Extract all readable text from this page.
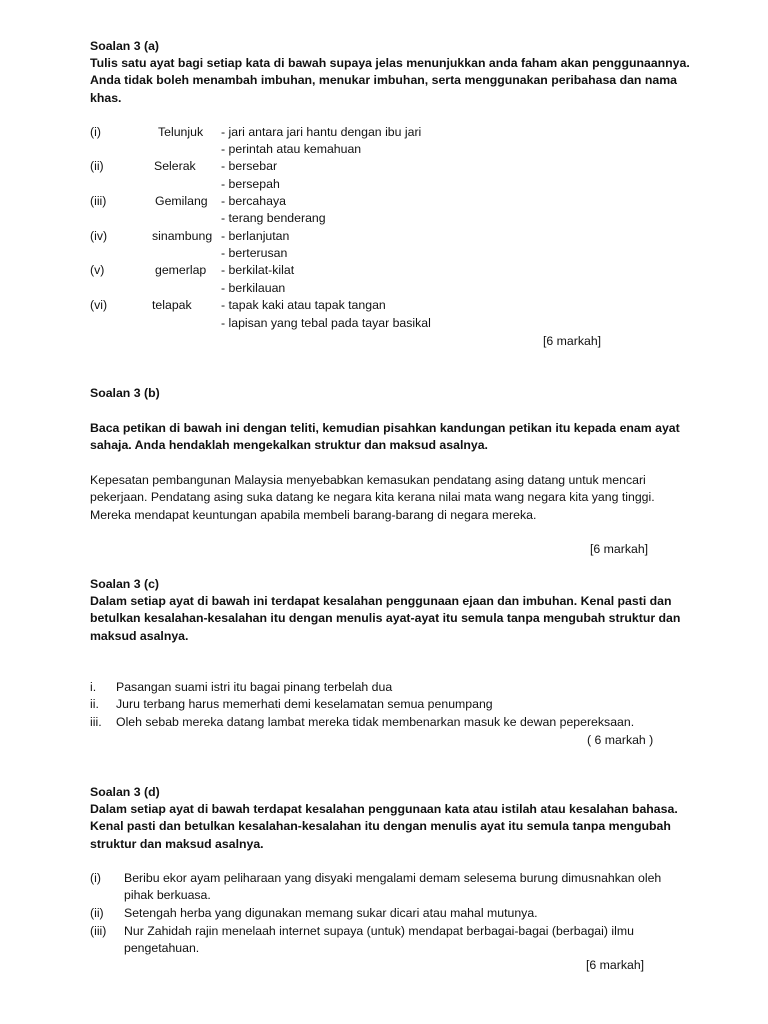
Soalan 3 (a)
Tulis satu ayat bagi setiap kata di bawah supaya jelas menunjukkan anda faham akan penggunaannya.
Anda tidak boleh menambah imbuhan, menukar imbuhan, serta menggunakan peribahasa dan nama
khas.
(i)	Telunjuk - jari antara jari hantu dengan ibu jari
- perintah atau kemahuan
(ii)	Selerak - bersebar
- bersepah
(iii)	Gemilang - bercahaya
- terang benderang
(iv)	sinambung - berlanjutan
- berterusan
(v)	gemerlap - berkilat-kilat
- berkilauan
(vi)	telapak - tapak kaki atau tapak tangan
- lapisan yang tebal pada tayar basikal
[6 markah]
Soalan 3 (b)
Baca petikan di bawah ini dengan teliti, kemudian pisahkan kandungan petikan itu kepada enam ayat
sahaja. Anda hendaklah mengekalkan struktur dan maksud asalnya.
Kepesatan pembangunan Malaysia menyebabkan kemasukan pendatang asing datang untuk mencari
pekerjaan. Pendatang asing suka datang ke negara kita kerana nilai mata wang negara kita yang tinggi.
Mereka mendapat keuntungan apabila membeli barang-barang di negara mereka.
[6 markah]
Soalan 3 (c)
Dalam setiap ayat di bawah ini terdapat kesalahan penggunaan ejaan dan imbuhan. Kenal pasti dan
betulkan kesalahan-kesalahan itu dengan menulis ayat-ayat itu semula tanpa mengubah struktur dan
maksud asalnya.
i. Pasangan suami istri itu bagai pinang terbelah dua
ii. Juru terbang harus memerhati demi keselamatan semua penumpang
iii. Oleh sebab mereka datang lambat mereka tidak membenarkan masuk ke dewan pepereksaan.
( 6 markah )
Soalan 3 (d)
Dalam setiap ayat di bawah terdapat kesalahan penggunaan kata atau istilah atau kesalahan bahasa.
Kenal pasti dan betulkan kesalahan-kesalahan itu dengan menulis ayat itu semula tanpa mengubah
struktur dan maksud asalnya.
(i) Beribu ekor ayam peliharaan yang disyaki mengalami demam selesema burung dimusnahkan oleh
pihak berkuasa.
(ii) Setengah herba yang digunakan memang sukar dicari atau mahal mutunya.
(iii) Nur Zahidah rajin menelaah internet supaya (untuk) mendapat berbagai-bagai (berbagai) ilmu
pengetahuan.
[6 markah]
